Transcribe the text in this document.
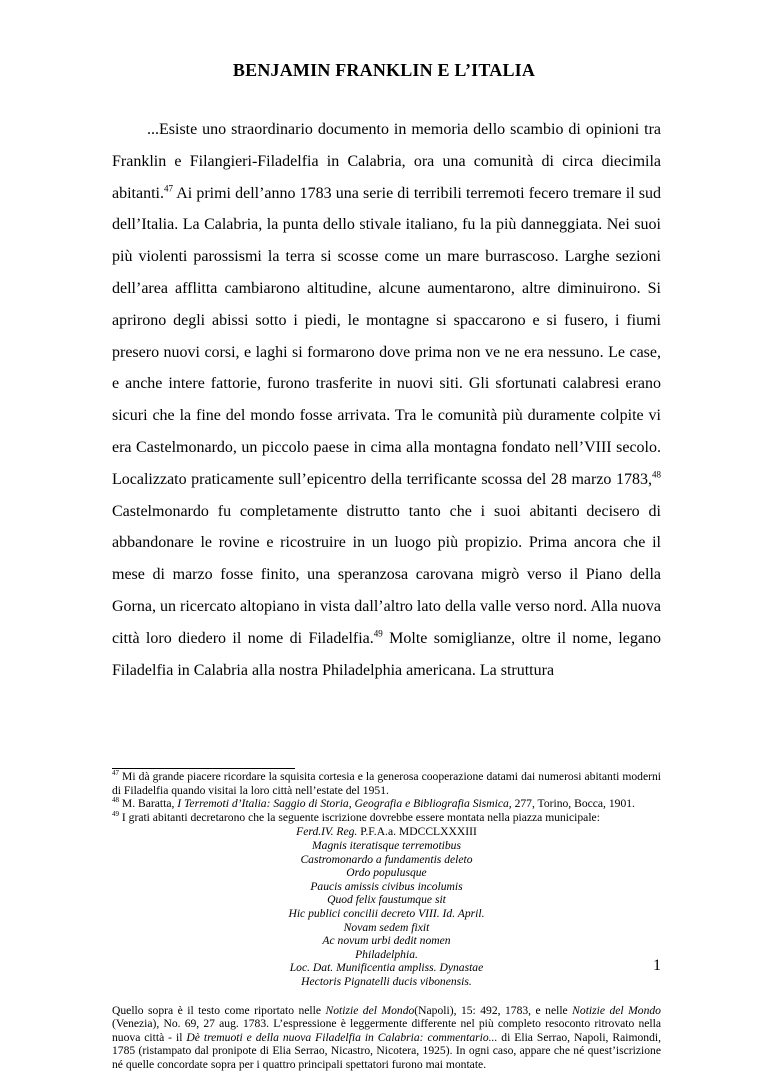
BENJAMIN FRANKLIN E L’ITALIA

...Esiste uno straordinario documento in memoria dello scambio di opinioni tra Franklin e Filangieri-Filadelfia in Calabria, ora una comunità di circa diecimila abitanti.$^{47}$ Ai primi dell’anno 1783 una serie di terribili terremoti fecero tremare il sud dell’Italia. La Calabria, la punta dello stivale italiano, fu la più danneggiata. Nei suoi più violenti parossismi la terra si scosse come un mare burrascoso. Larghe sezioni dell’area afflitta cambiarono altitudine, alcune aumentarono, altre diminuirono. Si aprirono degli abissi sotto i piedi, le montagne si spaccarono e si fusero, i fiumi presero nuovi corsi, e laghi si formarono dove prima non ve ne era nessuno. Le case, e anche intere fattorie, furono trasferite in nuovi siti. Gli sfortunati calabresi erano sicuri che la fine del mondo fosse arrivata. Tra le comunità più duramente colpite vi era Castelmonardo, un piccolo paese in cima alla montagna fondato nell’VIII secolo. Localizzato praticamente sull’epicentro della terrificante scossa del 28 marzo 1783,48 Castelmonardo fu completamente distrutto tanto che i suoi abitanti decisero di abbandonare le rovine e ricostruire in un luogo più propizio. Prima ancora che il mese di marzo fosse finito, una speranzosa carovana migrò verso il Piano della Gorna, un ricercato altopiano in vista dall’altro lato della valle verso nord. Alla nuova città loro diedero il nome di Filadelfia.$^{49}$ Molte somiglianze, oltre il nome, legano Filadelfia in Calabria alla nostra Philadelphia americana. La struttura

$^{47}$ Mi dà grande piacere ricordare la squisita cortesia e la generosa cooperazione datami dai numerosi abitanti moderni di Filadelfia quando visitai la loro città nell’estate del 1951.

$^{48}$ M. Baratta, I Terremoti d’Italia: Saggio di Storia, Geografia e Bibliografia Sismica, 277, Torino, Bocca, 1901.

$^{49}$ I grati abitanti decretarono che la seguente iscrizione dovrebbe essere montata nella piazza municipale:

Ferd.IV. Reg. P.F.A.a. MDCCLXXXIII
Magnis iteratisque terremotibus
Castromonardo a fundamentis deleto
Ordo populusque
Paucis amissis civibus incolumis
Quod felix faustumque sit
Hic publici concilii decreto VIII. Id. April.
Novam sedem fixit
Ac novum urbi dedit nomen
Philadelphia.
Loc. Dat. Munificentia ampliss. Dynastae
Hectoris Pignatelli ducis vibonensis.

Quello sopra è il testo come riportato nelle Notizie del Mondo(Napoli), 15: 492, 1783, e nelle Notizie del Mondo (Venezia), No. 69, 27 aug. 1783. L’espressione è leggermente differente nel più completo resoconto ritrovato nella nuova città - il Dè tremuoti e della nuova Filadelfia in Calabria: commentario... di Elia Serrao, Napoli, Raimondi, 1785 (ristampato dal pronipote di Elia Serrao, Nicastro, Nicotera, 1925). In ogni caso, appare che né quest’iscrizione né quelle concordate sopra per i quattro principali spettatori furono mai montate.

1
